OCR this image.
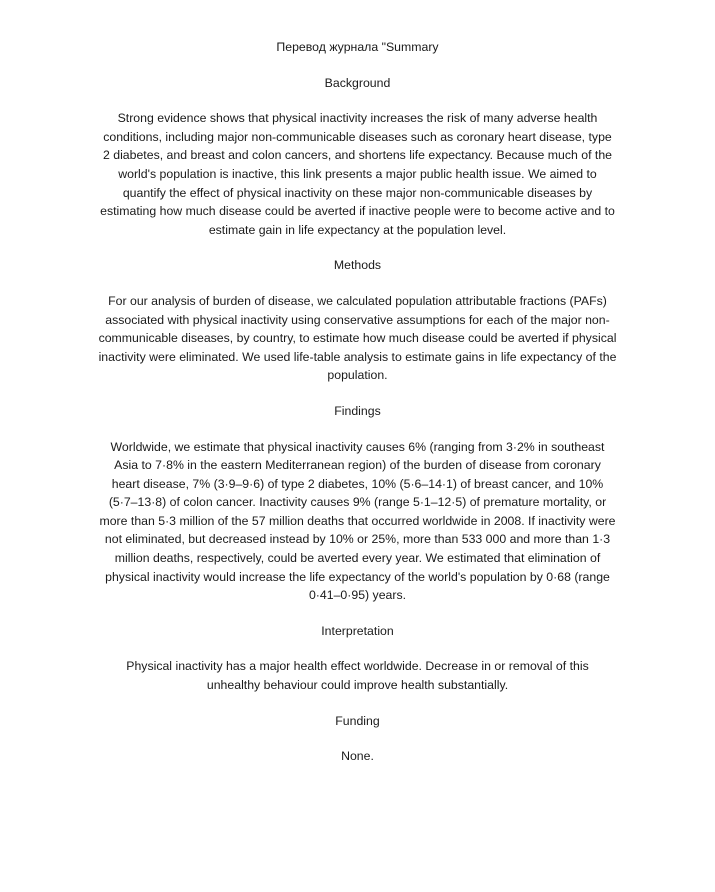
Перевод журнала "Summary
Background
Strong evidence shows that physical inactivity increases the risk of many adverse health conditions, including major non-communicable diseases such as coronary heart disease, type 2 diabetes, and breast and colon cancers, and shortens life expectancy. Because much of the world's population is inactive, this link presents a major public health issue. We aimed to quantify the effect of physical inactivity on these major non-communicable diseases by estimating how much disease could be averted if inactive people were to become active and to estimate gain in life expectancy at the population level.
Methods
For our analysis of burden of disease, we calculated population attributable fractions (PAFs) associated with physical inactivity using conservative assumptions for each of the major non-communicable diseases, by country, to estimate how much disease could be averted if physical inactivity were eliminated. We used life-table analysis to estimate gains in life expectancy of the population.
Findings
Worldwide, we estimate that physical inactivity causes 6% (ranging from 3·2% in southeast Asia to 7·8% in the eastern Mediterranean region) of the burden of disease from coronary heart disease, 7% (3·9–9·6) of type 2 diabetes, 10% (5·6–14·1) of breast cancer, and 10% (5·7–13·8) of colon cancer. Inactivity causes 9% (range 5·1–12·5) of premature mortality, or more than 5·3 million of the 57 million deaths that occurred worldwide in 2008. If inactivity were not eliminated, but decreased instead by 10% or 25%, more than 533 000 and more than 1·3 million deaths, respectively, could be averted every year. We estimated that elimination of physical inactivity would increase the life expectancy of the world's population by 0·68 (range 0·41–0·95) years.
Interpretation
Physical inactivity has a major health effect worldwide. Decrease in or removal of this unhealthy behaviour could improve health substantially.
Funding
None.
